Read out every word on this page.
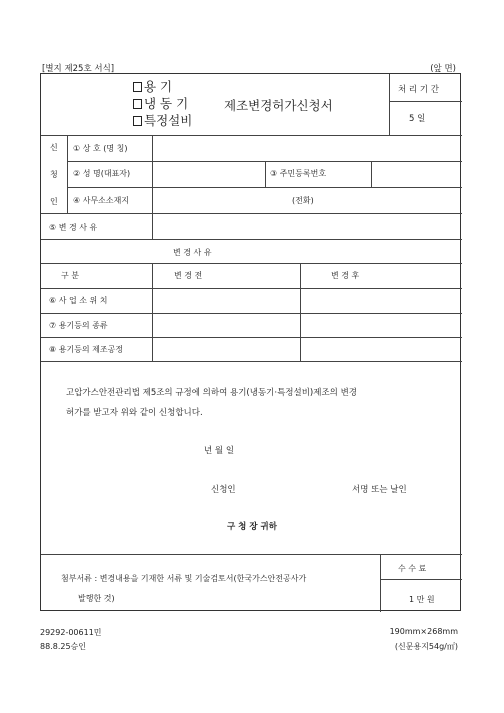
[별지 제25호 서식]	(앞 면)
용 기
냉 동 기
특정설비
제조변경허가신청서
처 리 기 간
5 일
신
청
인
① 상 호 (명 칭)
② 성 명(대표자)	③ 주민등록번호
④ 사무소소재지	(전화)
⑤ 변 경 사 유
변 경 사 유
구 분	변 경 전	변 경 후
⑥ 사 업 소 위 치
⑦ 용기등의 종류
⑧ 용기등의 제조공정
고압가스안전관리법 제5조의 규정에 의하여 용기(냉동기·특정설비)제조의 변경
허가를 받고자 위와 같이 신청합니다.
년 월 일
신청인	서명 또는 날인
구 청 장 귀하
첨부서류 : 변경내용을 기재한 서류 및 기술검토서(한국가스안전공사가
발행한 것)
수 수 료
1 만 원
29292-00611민
88.8.25승인
190mm×268mm
(신문용지54g/㎡)
